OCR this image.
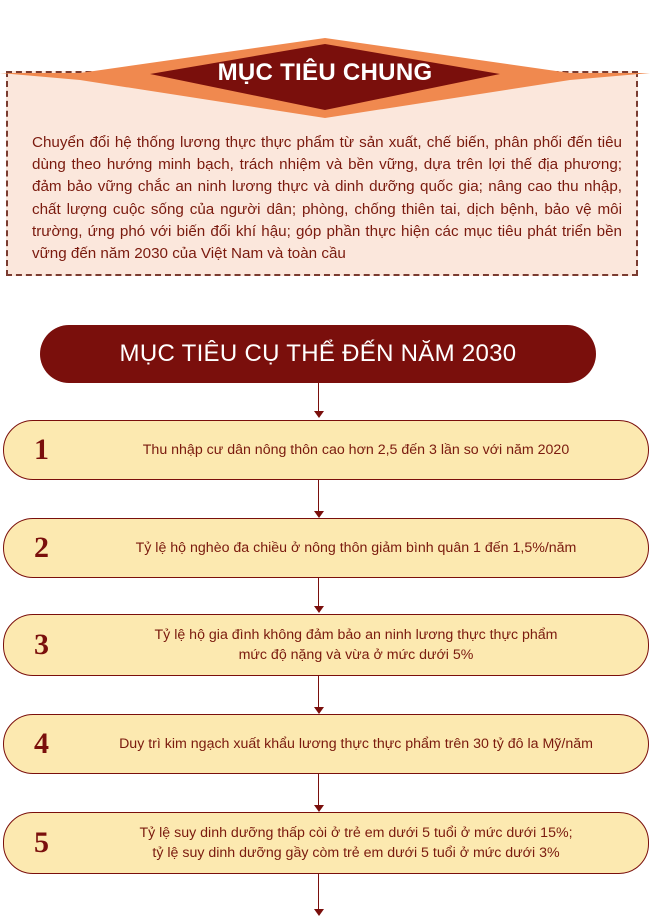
MỤC TIÊU CHUNG
Chuyển đổi hệ thống lương thực thực phẩm từ sản xuất, chế biến, phân phối đến tiêu dùng theo hướng minh bạch, trách nhiệm và bền vững, dựa trên lợi thế địa phương; đảm bảo vững chắc an ninh lương thực và dinh dưỡng quốc gia; nâng cao thu nhập, chất lượng cuộc sống của người dân; phòng, chống thiên tai, dịch bệnh, bảo vệ môi trường, ứng phó với biến đổi khí hậu; góp phần thực hiện các mục tiêu phát triển bền vững đến năm 2030 của Việt Nam và toàn cầu
MỤC TIÊU CỤ THỂ ĐẾN NĂM 2030
1	Thu nhập cư dân nông thôn cao hơn 2,5 đến 3 lần so với năm 2020
2	Tỷ lệ hộ nghèo đa chiều ở nông thôn giảm bình quân 1 đến 1,5%/năm
3	Tỷ lệ hộ gia đình không đảm bảo an ninh lương thực thực phẩm
mức độ nặng và vừa ở mức dưới 5%
4	Duy trì kim ngạch xuất khẩu lương thực thực phẩm trên 30 tỷ đô la Mỹ/năm
5	Tỷ lệ suy dinh dưỡng thấp còi ở trẻ em dưới 5 tuổi ở mức dưới 15%;
tỷ lệ suy dinh dưỡng gầy còm trẻ em dưới 5 tuổi ở mức dưới 3%
